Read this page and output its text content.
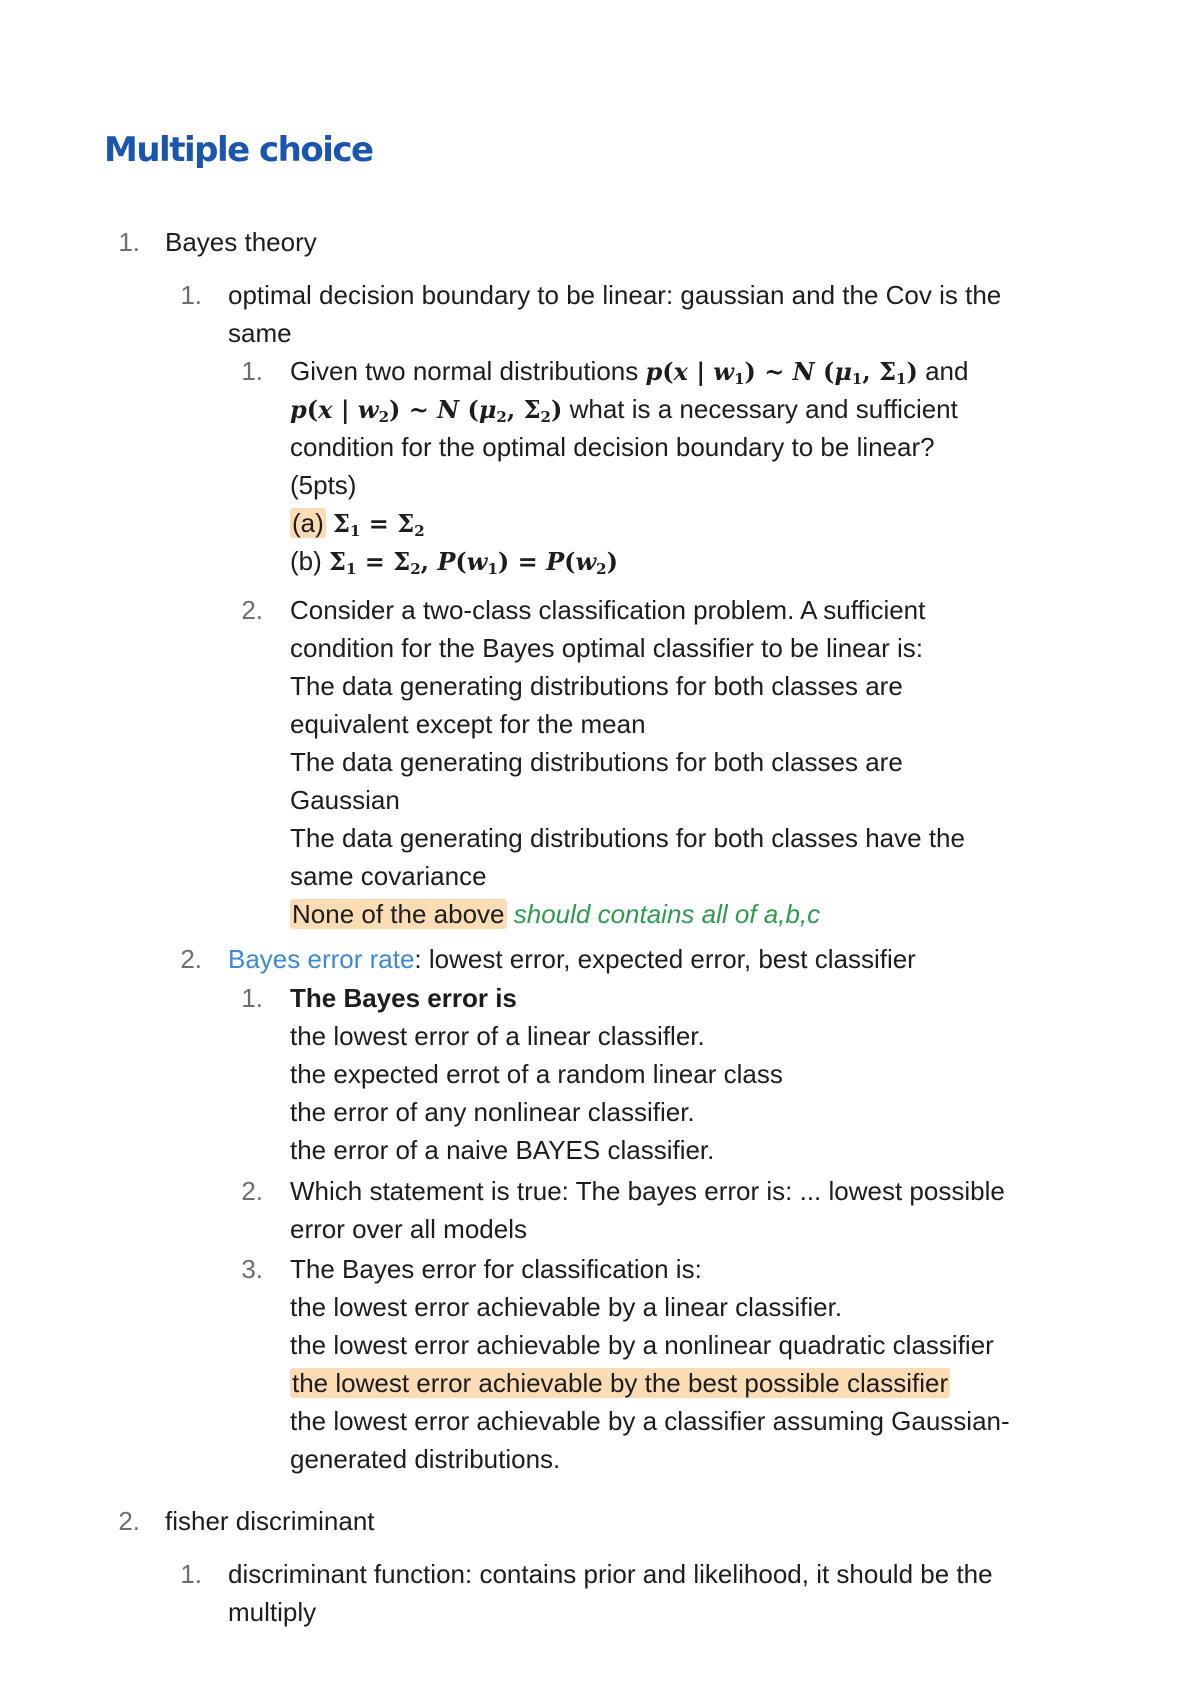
Multiple choice
1. Bayes theory
1. optimal decision boundary to be linear: gaussian and the Cov is the
same
1. Given two normal distributions p(x | $w_1$) ~ N ($\mu_1$, $\Sigma_1$) and
p(x | $w_2$) ~ N ($\mu_2$, $\Sigma_2$) what is a necessary and sufficient
condition for the optimal decision boundary to be linear?
(5pts)
(a) $\Sigma_1 = \Sigma_2$
(b) $\Sigma_1 = \Sigma_2$, $P(w_1) = P(w_2)$
2. Consider a two-class classification problem. A sufficient
condition for the Bayes optimal classifier to be linear is:
The data generating distributions for both classes are
equivalent except for the mean
The data generating distributions for both classes are
Gaussian
The data generating distributions for both classes have the
same covariance
None of the above should contains all of a,b,c
2. Bayes error rate: lowest error, expected error, best classifier
1. The Bayes error is
the lowest error of a linear classifler.
the expected errot of a random linear class
the error of any nonlinear classifier.
the error of a naive BAYES classifier.
2. Which statement is true: The bayes error is: ... lowest possible
error over all models
3. The Bayes error for classification is:
the lowest error achievable by a linear classifier.
the lowest error achievable by a nonlinear quadratic classifier
the lowest error achievable by the best possible classifier
the lowest error achievable by a classifier assuming Gaussian-
generated distributions.
2. fisher discriminant
1. discriminant function: contains prior and likelihood, it should be the
multiply
